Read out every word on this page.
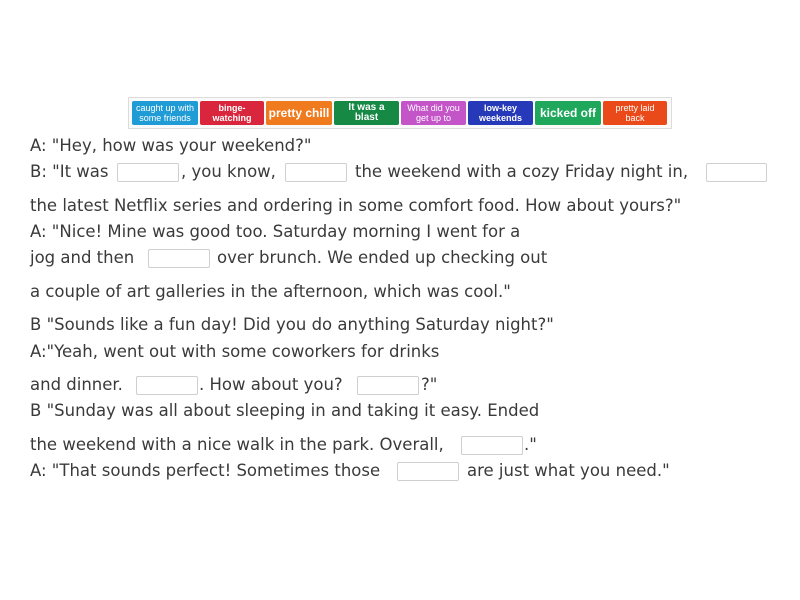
caught up with some friends
binge-watching	pretty chill	It was a blast
What did you get up to
low-key weekends	kicked off	pretty laid back
A: "Hey, how was your weekend?"
B: "It was	, you know,	the weekend with a cozy Friday night in,
the latest Netflix series and ordering in some comfort food. How about yours?"
A: "Nice! Mine was good too. Saturday morning I went for a
jog and then	over brunch. We ended up checking out
a couple of art galleries in the afternoon, which was cool."
B "Sounds like a fun day! Did you do anything Saturday night?"
A:"Yeah, went out with some coworkers for drinks
and dinner.	. How about you?	?"
B "Sunday was all about sleeping in and taking it easy. Ended
the weekend with a nice walk in the park. Overall,	."
A: "That sounds perfect! Sometimes those	are just what you need."
